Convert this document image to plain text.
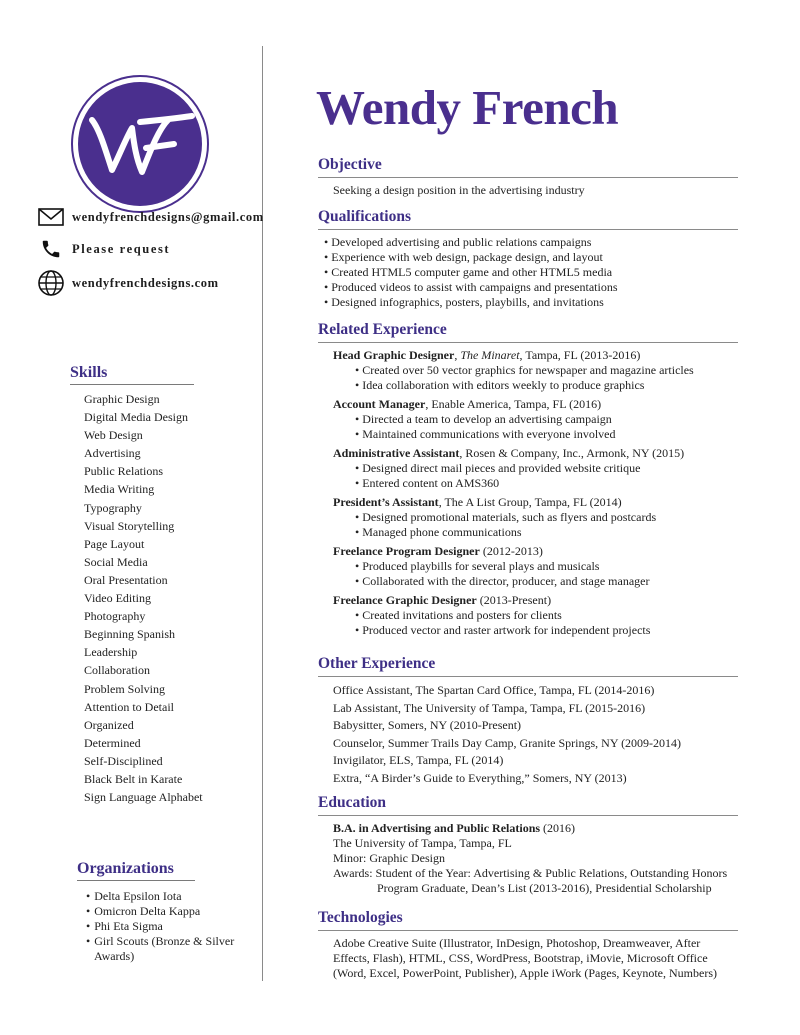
wendyfrenchdesigns@gmail.com
Please request
wendyfrenchdesigns.com
Skills
Graphic Design
Digital Media Design
Web Design
Advertising
Public Relations
Media Writing
Typography
Visual Storytelling
Page Layout
Social Media
Oral Presentation
Video Editing
Photography
Beginning Spanish
Leadership
Collaboration
Problem Solving
Attention to Detail
Organized
Determined
Self-Disciplined
Black Belt in Karate
Sign Language Alphabet
Organizations
• Delta Epsilon Iota
• Omicron Delta Kappa
• Phi Eta Sigma
• Girl Scouts (Bronze & Silver Awards)
Wendy French
Objective
Seeking a design position in the advertising industry
Qualifications
• Developed advertising and public relations campaigns
• Experience with web design, package design, and layout
• Created HTML5 computer game and other HTML5 media
• Produced videos to assist with campaigns and presentations
• Designed infographics, posters, playbills, and invitations
Related Experience
Head Graphic Designer, The Minaret, Tampa, FL (2013-2016)
• Created over 50 vector graphics for newspaper and magazine articles
• Idea collaboration with editors weekly to produce graphics
Account Manager, Enable America, Tampa, FL (2016)
• Directed a team to develop an advertising campaign
• Maintained communications with everyone involved
Administrative Assistant, Rosen & Company, Inc., Armonk, NY (2015)
• Designed direct mail pieces and provided website critique
• Entered content on AMS360
President’s Assistant, The A List Group, Tampa, FL (2014)
• Designed promotional materials, such as flyers and postcards
• Managed phone communications
Freelance Program Designer (2012-2013)
• Produced playbills for several plays and musicals
• Collaborated with the director, producer, and stage manager
Freelance Graphic Designer (2013-Present)
• Created invitations and posters for clients
• Produced vector and raster artwork for independent projects
Other Experience
Office Assistant, The Spartan Card Office, Tampa, FL (2014-2016)
Lab Assistant, The University of Tampa, Tampa, FL (2015-2016)
Babysitter, Somers, NY (2010-Present)
Counselor, Summer Trails Day Camp, Granite Springs, NY (2009-2014)
Invigilator, ELS, Tampa, FL (2014)
Extra, “A Birder’s Guide to Everything,” Somers, NY (2013)
Education
B.A. in Advertising and Public Relations (2016)
The University of Tampa, Tampa, FL
Minor: Graphic Design
Awards: Student of the Year: Advertising & Public Relations, Outstanding Honors Program Graduate, Dean’s List (2013-2016), Presidential Scholarship
Technologies
Adobe Creative Suite (Illustrator, InDesign, Photoshop, Dreamweaver, After Effects, Flash), HTML, CSS, WordPress, Bootstrap, iMovie, Microsoft Office (Word, Excel, PowerPoint, Publisher), Apple iWork (Pages, Keynote, Numbers)
